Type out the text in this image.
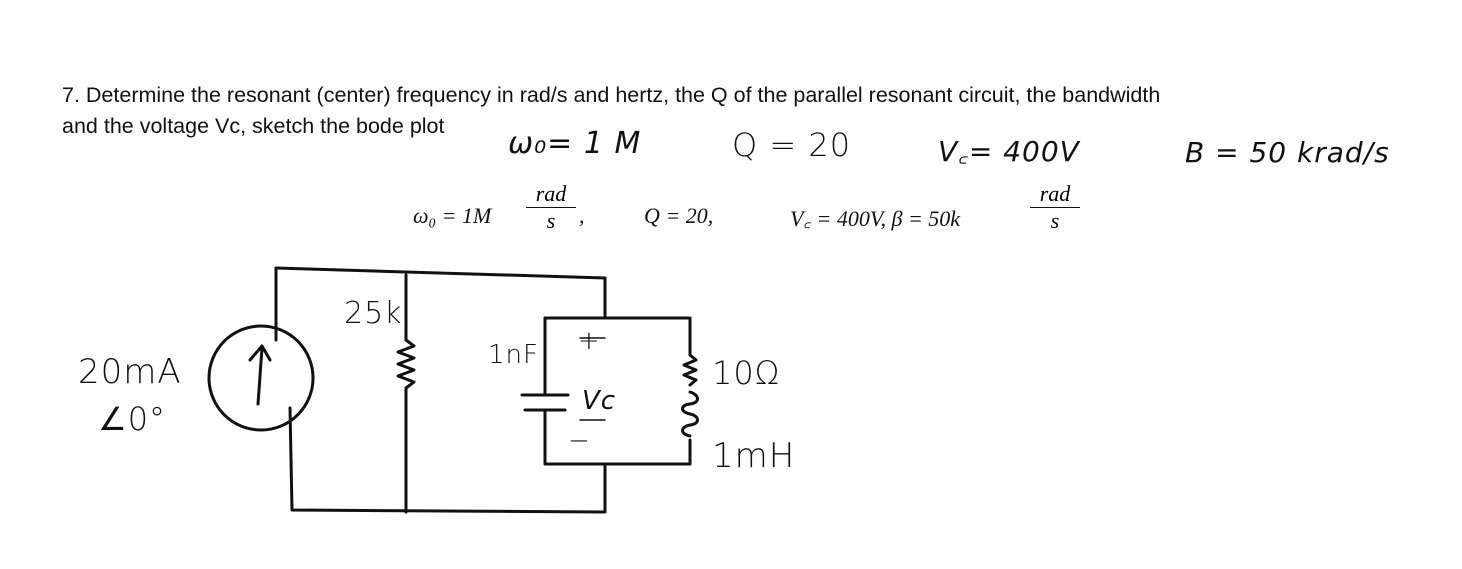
7. Determine the resonant (center) frequency in rad/s and hertz, the Q of the parallel resonant circuit, the bandwidth
and the voltage Vc, sketch the bode plot	ω₀= 1 M	Q = 20	V꜀= 400V	B = 50 krad/s
ω₀ = 1M
rad
s	,	Q = 20,	V꜀ = 400V, β = 50k
rad
s
20mA
∠0°
25k
1nF +
Vc
−
10Ω
1mH
